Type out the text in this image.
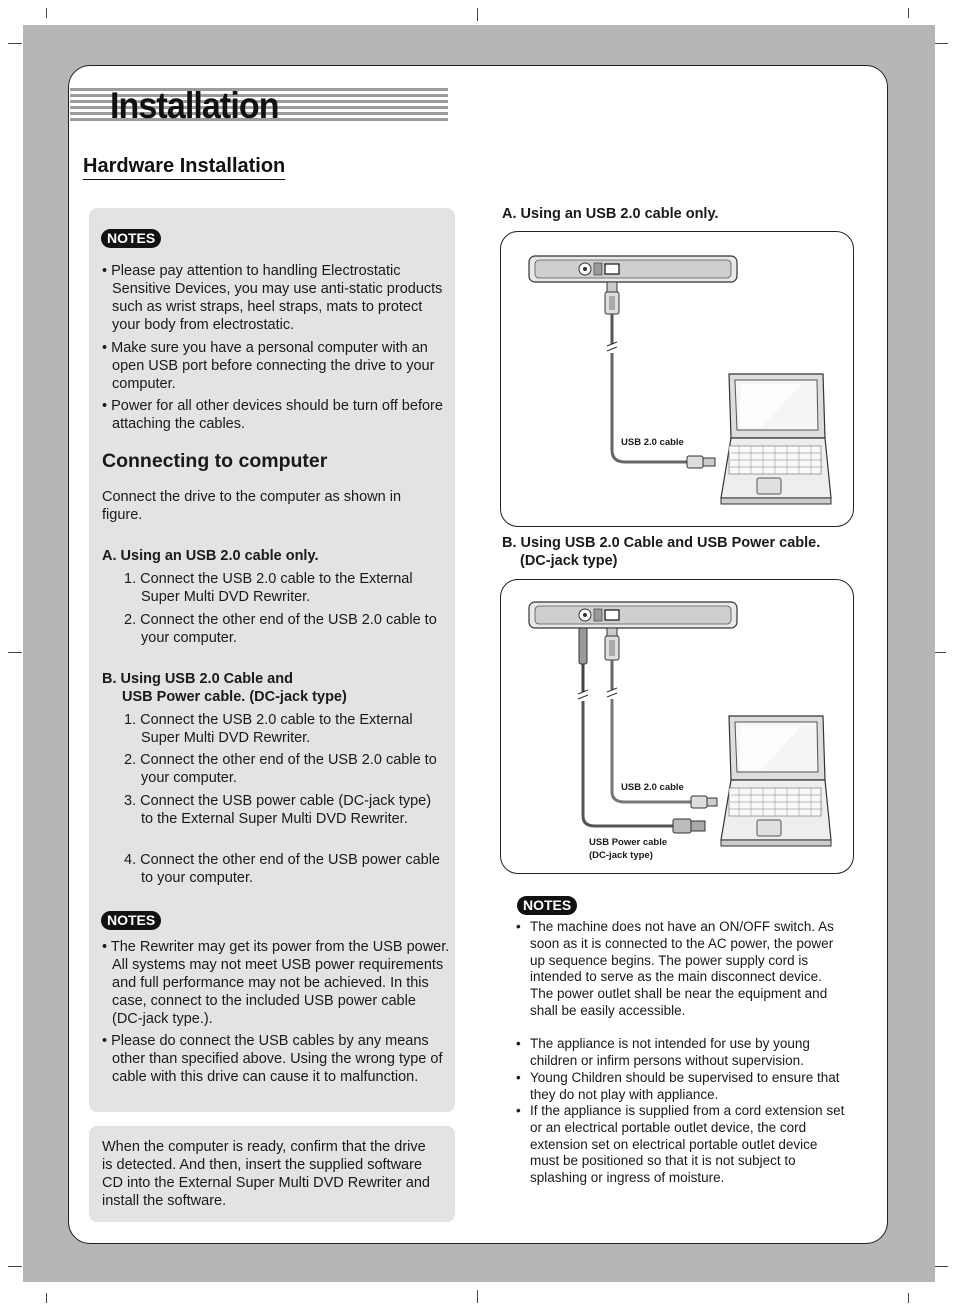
Installation
Hardware Installation
NOTES
• Please pay attention to handling Electrostatic Sensitive Devices, you may use anti-static products such as wrist straps, heel straps, mats to protect your body from electrostatic.
• Make sure you have a personal computer with an open USB port before connecting the drive to your computer.
• Power for all other devices should be turn off before attaching the cables.
Connecting to computer
Connect the drive to the computer as shown in figure.
A. Using an USB 2.0 cable only.
1. Connect the USB 2.0 cable to the External Super Multi DVD Rewriter.
2. Connect the other end of the USB 2.0 cable to your computer.
B. Using USB 2.0 Cable and
USB Power cable. (DC-jack type)
1. Connect the USB 2.0 cable to the External Super Multi DVD Rewriter.
2. Connect the other end of the USB 2.0 cable to your computer.
3. Connect the USB power cable (DC-jack type) to the External Super Multi DVD Rewriter.
4. Connect the other end of the USB power cable to your computer.
NOTES
• The Rewriter may get its power from the USB power. All systems may not meet USB power requirements and full performance may not be achieved. In this case, connect to the included USB power cable (DC-jack type.).
• Please do connect the USB cables by any means other than specified above. Using the wrong type of cable with this drive can cause it to malfunction.
When the computer is ready, confirm that the drive is detected. And then, insert the supplied software CD into the External Super Multi DVD Rewriter and install the software.
A. Using an USB 2.0 cable only.
USB 2.0 cable
B. Using USB 2.0 Cable and USB Power cable.
(DC-jack type)
USB 2.0 cable
USB Power cable
(DC-jack type)
NOTES
• The machine does not have an ON/OFF switch. As soon as it is connected to the AC power, the power up sequence begins. The power supply cord is intended to serve as the main disconnect device. The power outlet shall be near the equipment and shall be easily accessible.
• The appliance is not intended for use by young children or infirm persons without supervision.
• Young Children should be supervised to ensure that they do not play with appliance.
• If the appliance is supplied from a cord extension set or an electrical portable outlet device, the cord extension set on electrical portable outlet device must be positioned so that it is not subject to splashing or ingress of moisture.
